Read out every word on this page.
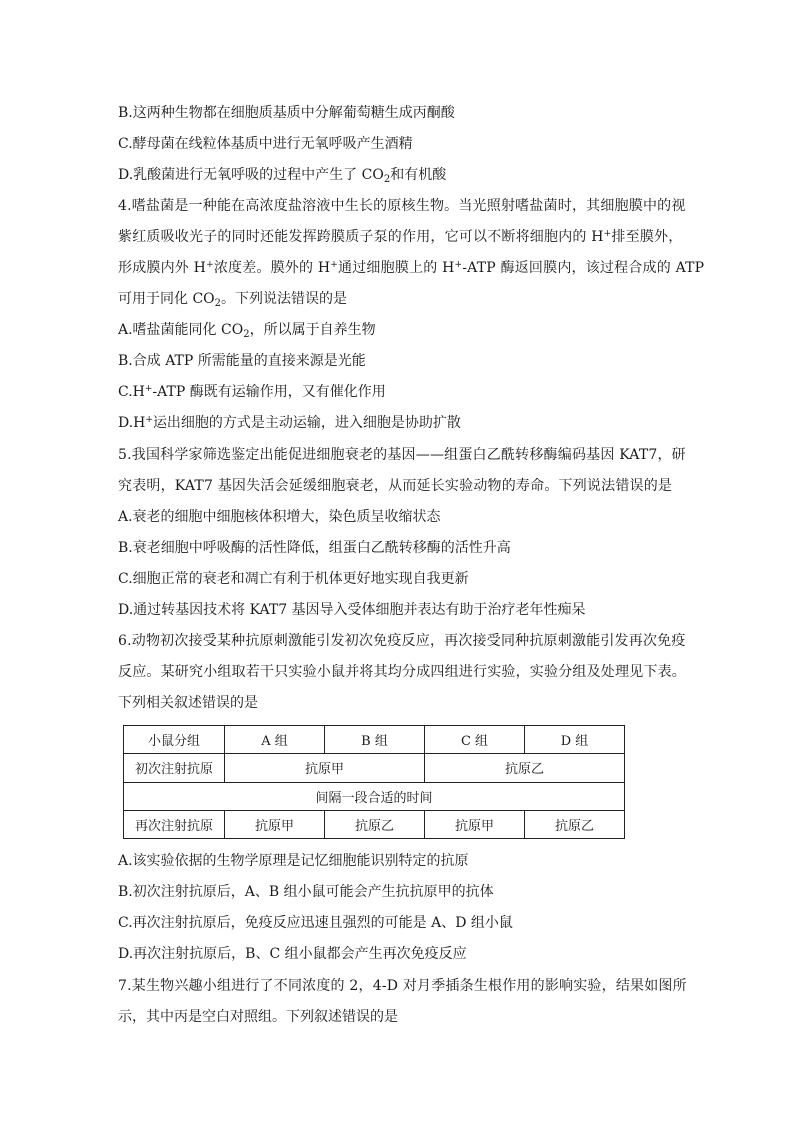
B.这两种生物都在细胞质基质中分解葡萄糖生成丙酮酸
C.酵母菌在线粒体基质中进行无氧呼吸产生酒精
D.乳酸菌进行无氧呼吸的过程中产生了 $CO_2$和有机酸
4.嗜盐菌是一种能在高浓度盐溶液中生长的原核生物。当光照射嗜盐菌时，其细胞膜中的视
紫红质吸收光子的同时还能发挥跨膜质子泵的作用，它可以不断将细胞内的 H+排至膜外，
形成膜内外 H+浓度差。膜外的 H+通过细胞膜上的 H+-ATP 酶返回膜内，该过程合成的 ATP
可用于同化 $CO_2$。下列说法错误的是
A.嗜盐菌能同化 $CO_2$，所以属于自养生物
B.合成 ATP 所需能量的直接来源是光能
C.H+-ATP 酶既有运输作用，又有催化作用
D.H+运出细胞的方式是主动运输，进入细胞是协助扩散
5.我国科学家筛选鉴定出能促进细胞衰老的基因——组蛋白乙酰转移酶编码基因 KAT7，研
究表明，KAT7 基因失活会延缓细胞衰老，从而延长实验动物的寿命。下列说法错误的是
A.衰老的细胞中细胞核体积增大，染色质呈收缩状态
B.衰老细胞中呼吸酶的活性降低，组蛋白乙酰转移酶的活性升高
C.细胞正常的衰老和凋亡有利于机体更好地实现自我更新
D.通过转基因技术将 KAT7 基因导入受体细胞并表达有助于治疗老年性痴呆
6.动物初次接受某种抗原刺激能引发初次免疫反应，再次接受同种抗原刺激能引发再次免疫
反应。某研究小组取若干只实验小鼠并将其均分成四组进行实验，实验分组及处理见下表。
下列相关叙述错误的是
小鼠分组	A 组	B 组	C 组	D 组
初次注射抗原	抗原甲		抗原乙	
间隔一段合适的时间				
再次注射抗原	抗原甲	抗原乙	抗原甲	抗原乙
A.该实验依据的生物学原理是记忆细胞能识别特定的抗原
B.初次注射抗原后，A、B 组小鼠可能会产生抗抗原甲的抗体
C.再次注射抗原后，免疫反应迅速且强烈的可能是 A、D 组小鼠
D.再次注射抗原后，B、C 组小鼠都会产生再次免疫反应
7.某生物兴趣小组进行了不同浓度的 2，4-D 对月季插条生根作用的影响实验，结果如图所
示，其中丙是空白对照组。下列叙述错误的是
